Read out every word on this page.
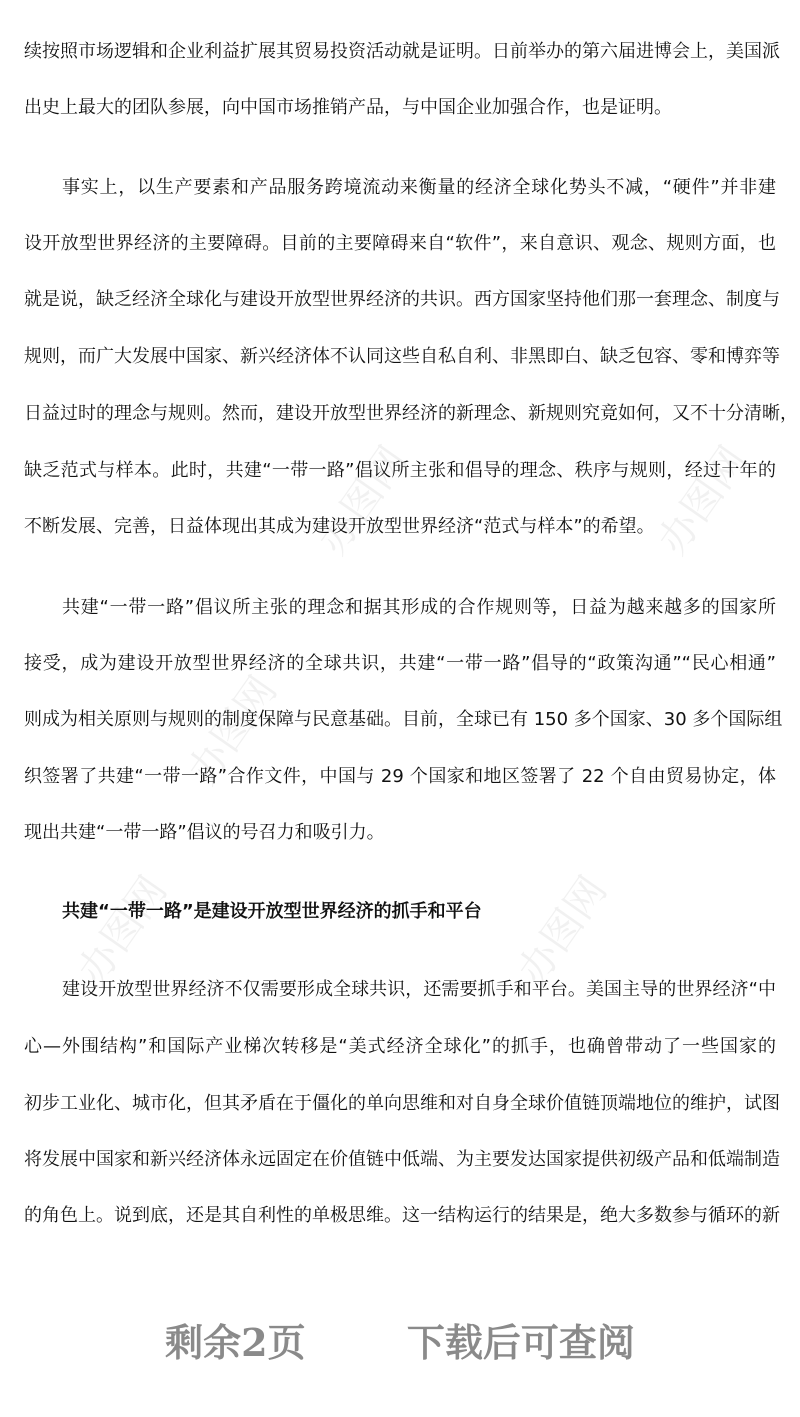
办图网	办图网
办图网
办图网	办图网
续按照市场逻辑和企业利益扩展其贸易投资活动就是证明。日前举办的第六届进博会上，美国派
出史上最大的团队参展，向中国市场推销产品，与中国企业加强合作，也是证明。
事实上，以生产要素和产品服务跨境流动来衡量的经济全球化势头不减，“硬件”并非建
设开放型世界经济的主要障碍。目前的主要障碍来自“软件”，来自意识、观念、规则方面，也
就是说，缺乏经济全球化与建设开放型世界经济的共识。西方国家坚持他们那一套理念、制度与
规则，而广大发展中国家、新兴经济体不认同这些自私自利、非黑即白、缺乏包容、零和博弈等
日益过时的理念与规则。然而，建设开放型世界经济的新理念、新规则究竟如何，又不十分清晰，
缺乏范式与样本。此时，共建“一带一路”倡议所主张和倡导的理念、秩序与规则，经过十年的
不断发展、完善，日益体现出其成为建设开放型世界经济“范式与样本”的希望。
共建“一带一路”倡议所主张的理念和据其形成的合作规则等，日益为越来越多的国家所
接受，成为建设开放型世界经济的全球共识，共建“一带一路”倡导的“政策沟通”“民心相通”
则成为相关原则与规则的制度保障与民意基础。目前，全球已有 150 多个国家、30 多个国际组
织签署了共建“一带一路”合作文件，中国与 29 个国家和地区签署了 22 个自由贸易协定，体
现出共建“一带一路”倡议的号召力和吸引力。
共建“一带一路”是建设开放型世界经济的抓手和平台
建设开放型世界经济不仅需要形成全球共识，还需要抓手和平台。美国主导的世界经济“中
心—外围结构”和国际产业梯次转移是“美式经济全球化”的抓手，也确曾带动了一些国家的
初步工业化、城市化，但其矛盾在于僵化的单向思维和对自身全球价值链顶端地位的维护，试图
将发展中国家和新兴经济体永远固定在价值链中低端、为主要发达国家提供初级产品和低端制造
的角色上。说到底，还是其自利性的单极思维。这一结构运行的结果是，绝大多数参与循环的新
剩余2页	下载后可查阅
